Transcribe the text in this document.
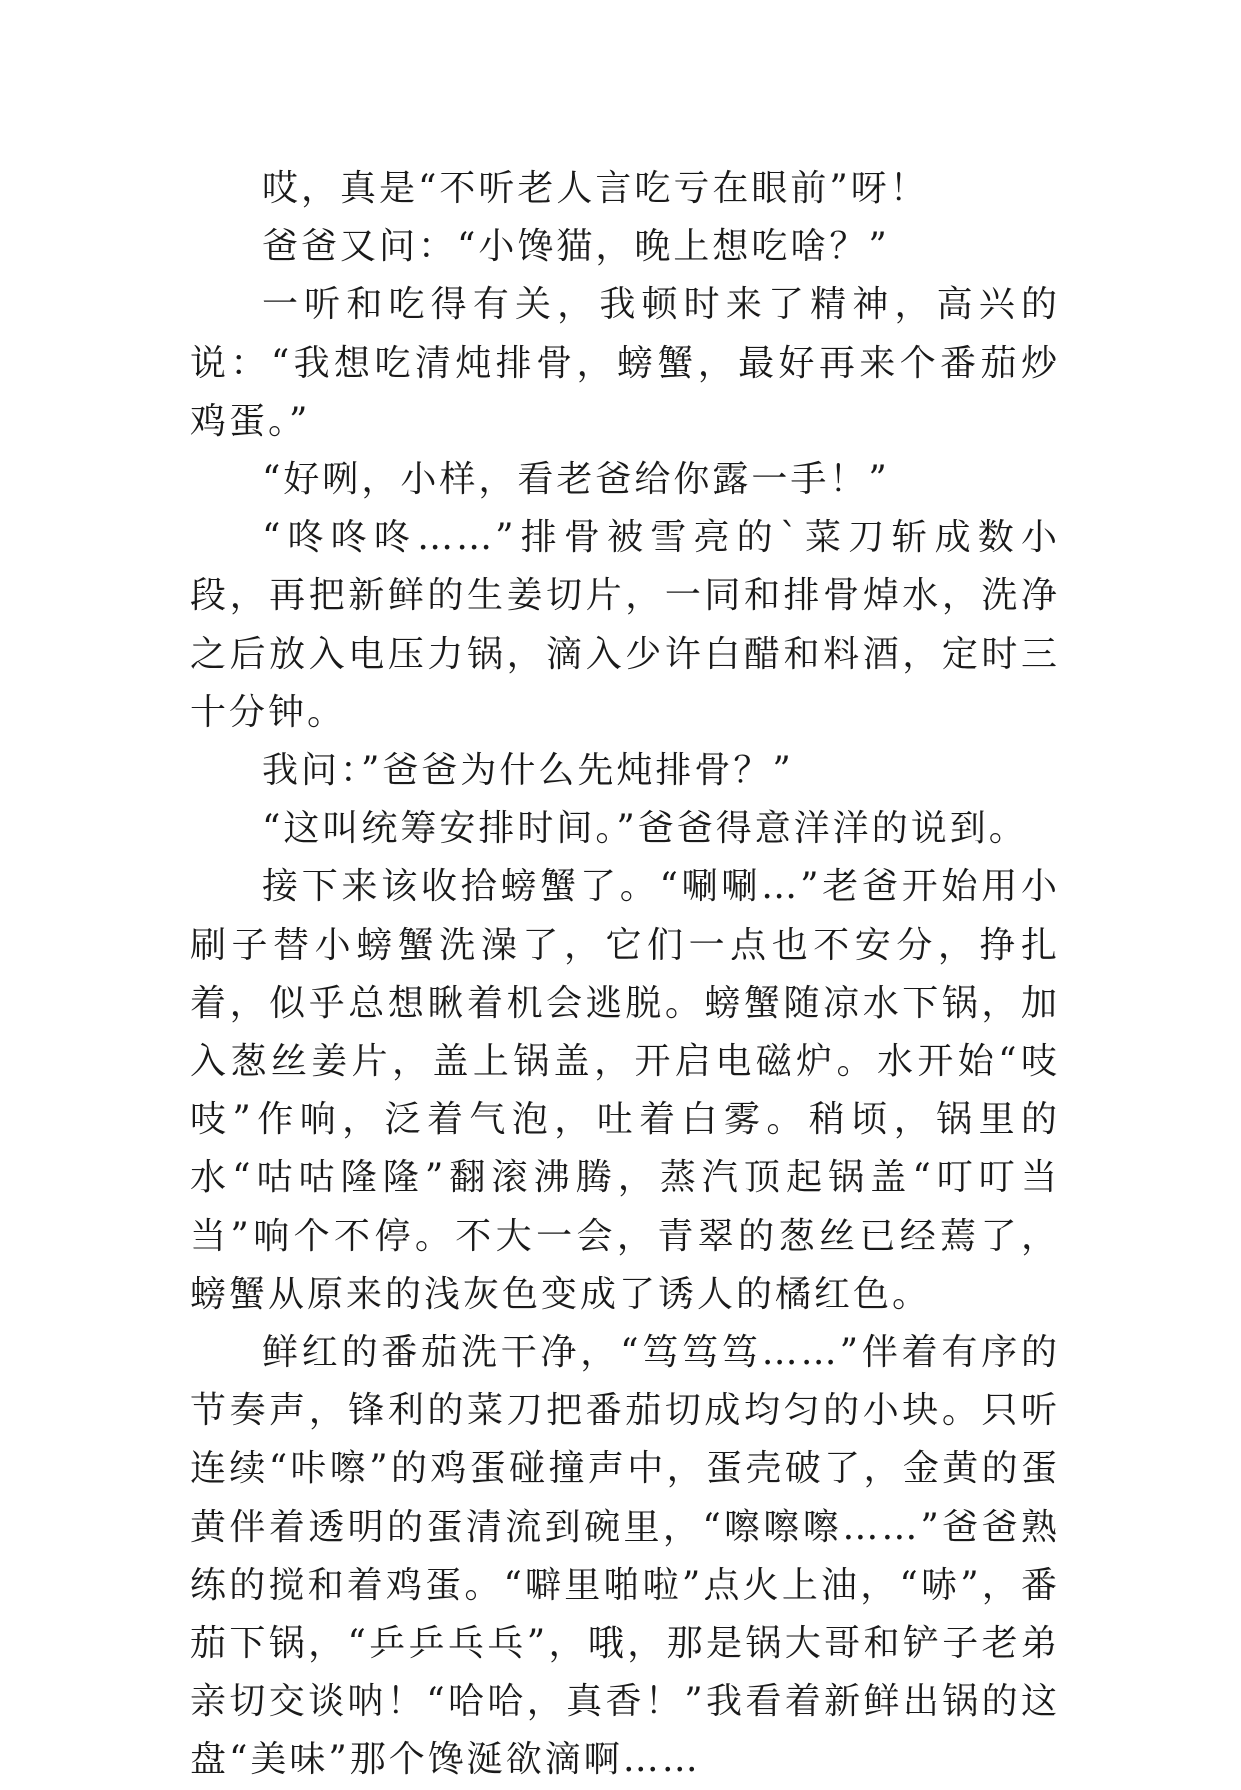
哎，真是“不听老人言吃亏在眼前”呀！

爸爸又问：“小馋猫，晚上想吃啥？”

一听和吃得有关，我顿时来了精神，高兴的说：“我想吃清炖排骨，螃蟹，最好再来个番茄炒鸡蛋。”

“好咧，小样，看老爸给你露一手！”

“咚咚咚……”排骨被雪亮的`菜刀斩成数小段，再把新鲜的生姜切片，一同和排骨焯水，洗净之后放入电压力锅，滴入少许白醋和料酒，定时三十分钟。

我问：”爸爸为什么先炖排骨？”

“这叫统筹安排时间。”爸爸得意洋洋的说到。

接下来该收拾螃蟹了。“唰唰…”老爸开始用小刷子替小螃蟹洗澡了，它们一点也不安分，挣扎着，似乎总想瞅着机会逃脱。螃蟹随凉水下锅，加入葱丝姜片，盖上锅盖，开启电磁炉。水开始“吱吱”作响，泛着气泡，吐着白雾。稍顷，锅里的水“咕咕隆隆”翻滚沸腾，蒸汽顶起锅盖“叮叮当当”响个不停。不大一会，青翠的葱丝已经蔫了，螃蟹从原来的浅灰色变成了诱人的橘红色。

鲜红的番茄洗干净，“笃笃笃……”伴着有序的节奏声，锋利的菜刀把番茄切成均匀的小块。只听连续“咔嚓”的鸡蛋碰撞声中，蛋壳破了，金黄的蛋黄伴着透明的蛋清流到碗里，“嚓嚓嚓……”爸爸熟练的搅和着鸡蛋。“噼里啪啦”点火上油，“哧”，番茄下锅，“乒乒乓乓”，哦，那是锅大哥和铲子老弟亲切交谈呐！“哈哈，真香！”我看着新鲜出锅的这盘“美味”那个馋涎欲滴啊……
